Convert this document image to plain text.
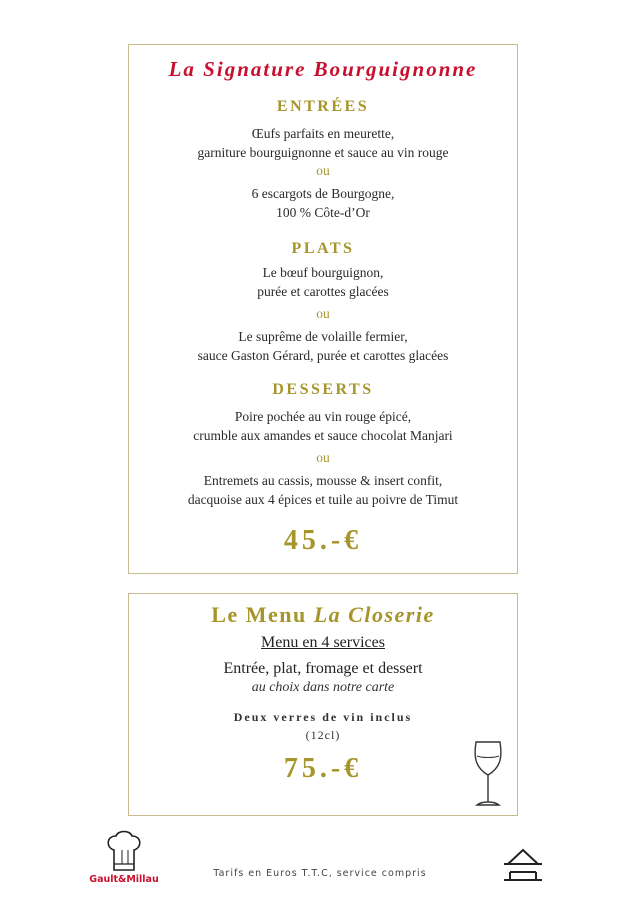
La Signature Bourguignonne
ENTRÉES
Œufs parfaits en meurette,
garniture bourguignonne et sauce au vin rouge
ou
6 escargots de Bourgogne,
100 % Côte-d’Or
PLATS
Le bœuf bourguignon,
purée et carottes glacées
ou
Le suprême de volaille fermier,
sauce Gaston Gérard, purée et carottes glacées
DESSERTS
Poire pochée au vin rouge épicé,
crumble aux amandes et sauce chocolat Manjari
ou
Entremets au cassis, mousse & insert confit,
dacquoise aux 4 épices et tuile au poivre de Timut
45.-€
Le Menu La Closerie
Menu en 4 services
Entrée, plat, fromage et dessert
au choix dans notre carte
Deux verres de vin inclus
(12cl)
75.-€
Gault&Millau
Tarifs en Euros T.T.C, service compris
